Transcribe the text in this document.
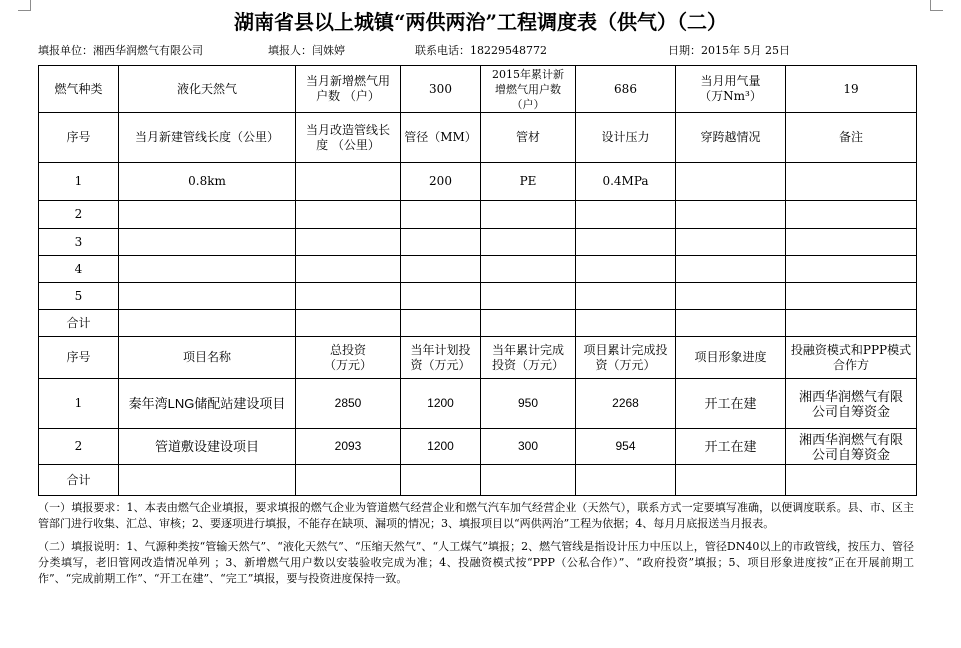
湖南省县以上城镇“两供两治”工程调度表（供气）（二）
填报单位：湘西华润燃气有限公司	填报人：闫姝婷	联系电话：18229548772	日期：2015年 5月 25日
燃气种类	液化天然气	当月新增燃气用户数 （户）	300	2015年累计新增燃气用户数（户）	686	当月用气量（万Nm³）	19
序号	当月新建管线长度（公里）	当月改造管线长度 （公里）	管径（MM）	管材	设计压力	穿跨越情况	备注
1	0.8km		200	PE	0.4MPa		
2							
3							
4							
5							
合计							
序号	项目名称	总投资（万元）	当年计划投资（万元）	当年累计完成投资（万元）	项目累计完成投资（万元）	项目形象进度	投融资模式和PPP模式合作方
1	秦年湾LNG储配站建设项目	2850	1200	950	2268	开工在建	湘西华润燃气有限公司自筹资金
2	管道敷设建设项目	2093	1200	300	954	开工在建	湘西华润燃气有限公司自筹资金
合计							

（一）填报要求：1、本表由燃气企业填报，要求填报的燃气企业为管道燃气经营企业和燃气汽车加气经营企业（天然气），联系方式一定要填写准确，以便调度联系。县、市、区主管部门进行收集、汇总、审核；2、要逐项进行填报，不能存在缺项、漏项的情况；3、填报项目以“两供两治”工程为依据；4、每月月底报送当月报表。

（二）填报说明：1、气源种类按“管输天然气”、“液化天然气”、“压缩天然气”、“人工煤气”填报；2、燃气管线是指设计压力中压以上，管径DN40以上的市政管线，按压力、管径分类填写，老旧管网改造情况单列 ；3、新增燃气用户数以安装验收完成为准；4、投融资模式按“PPP（公私合作）”、“政府投资”填报；5、项目形象进度按“正在开展前期工作”、“完成前期工作”、“开工在建”、“完工”填报，要与投资进度保持一致。
